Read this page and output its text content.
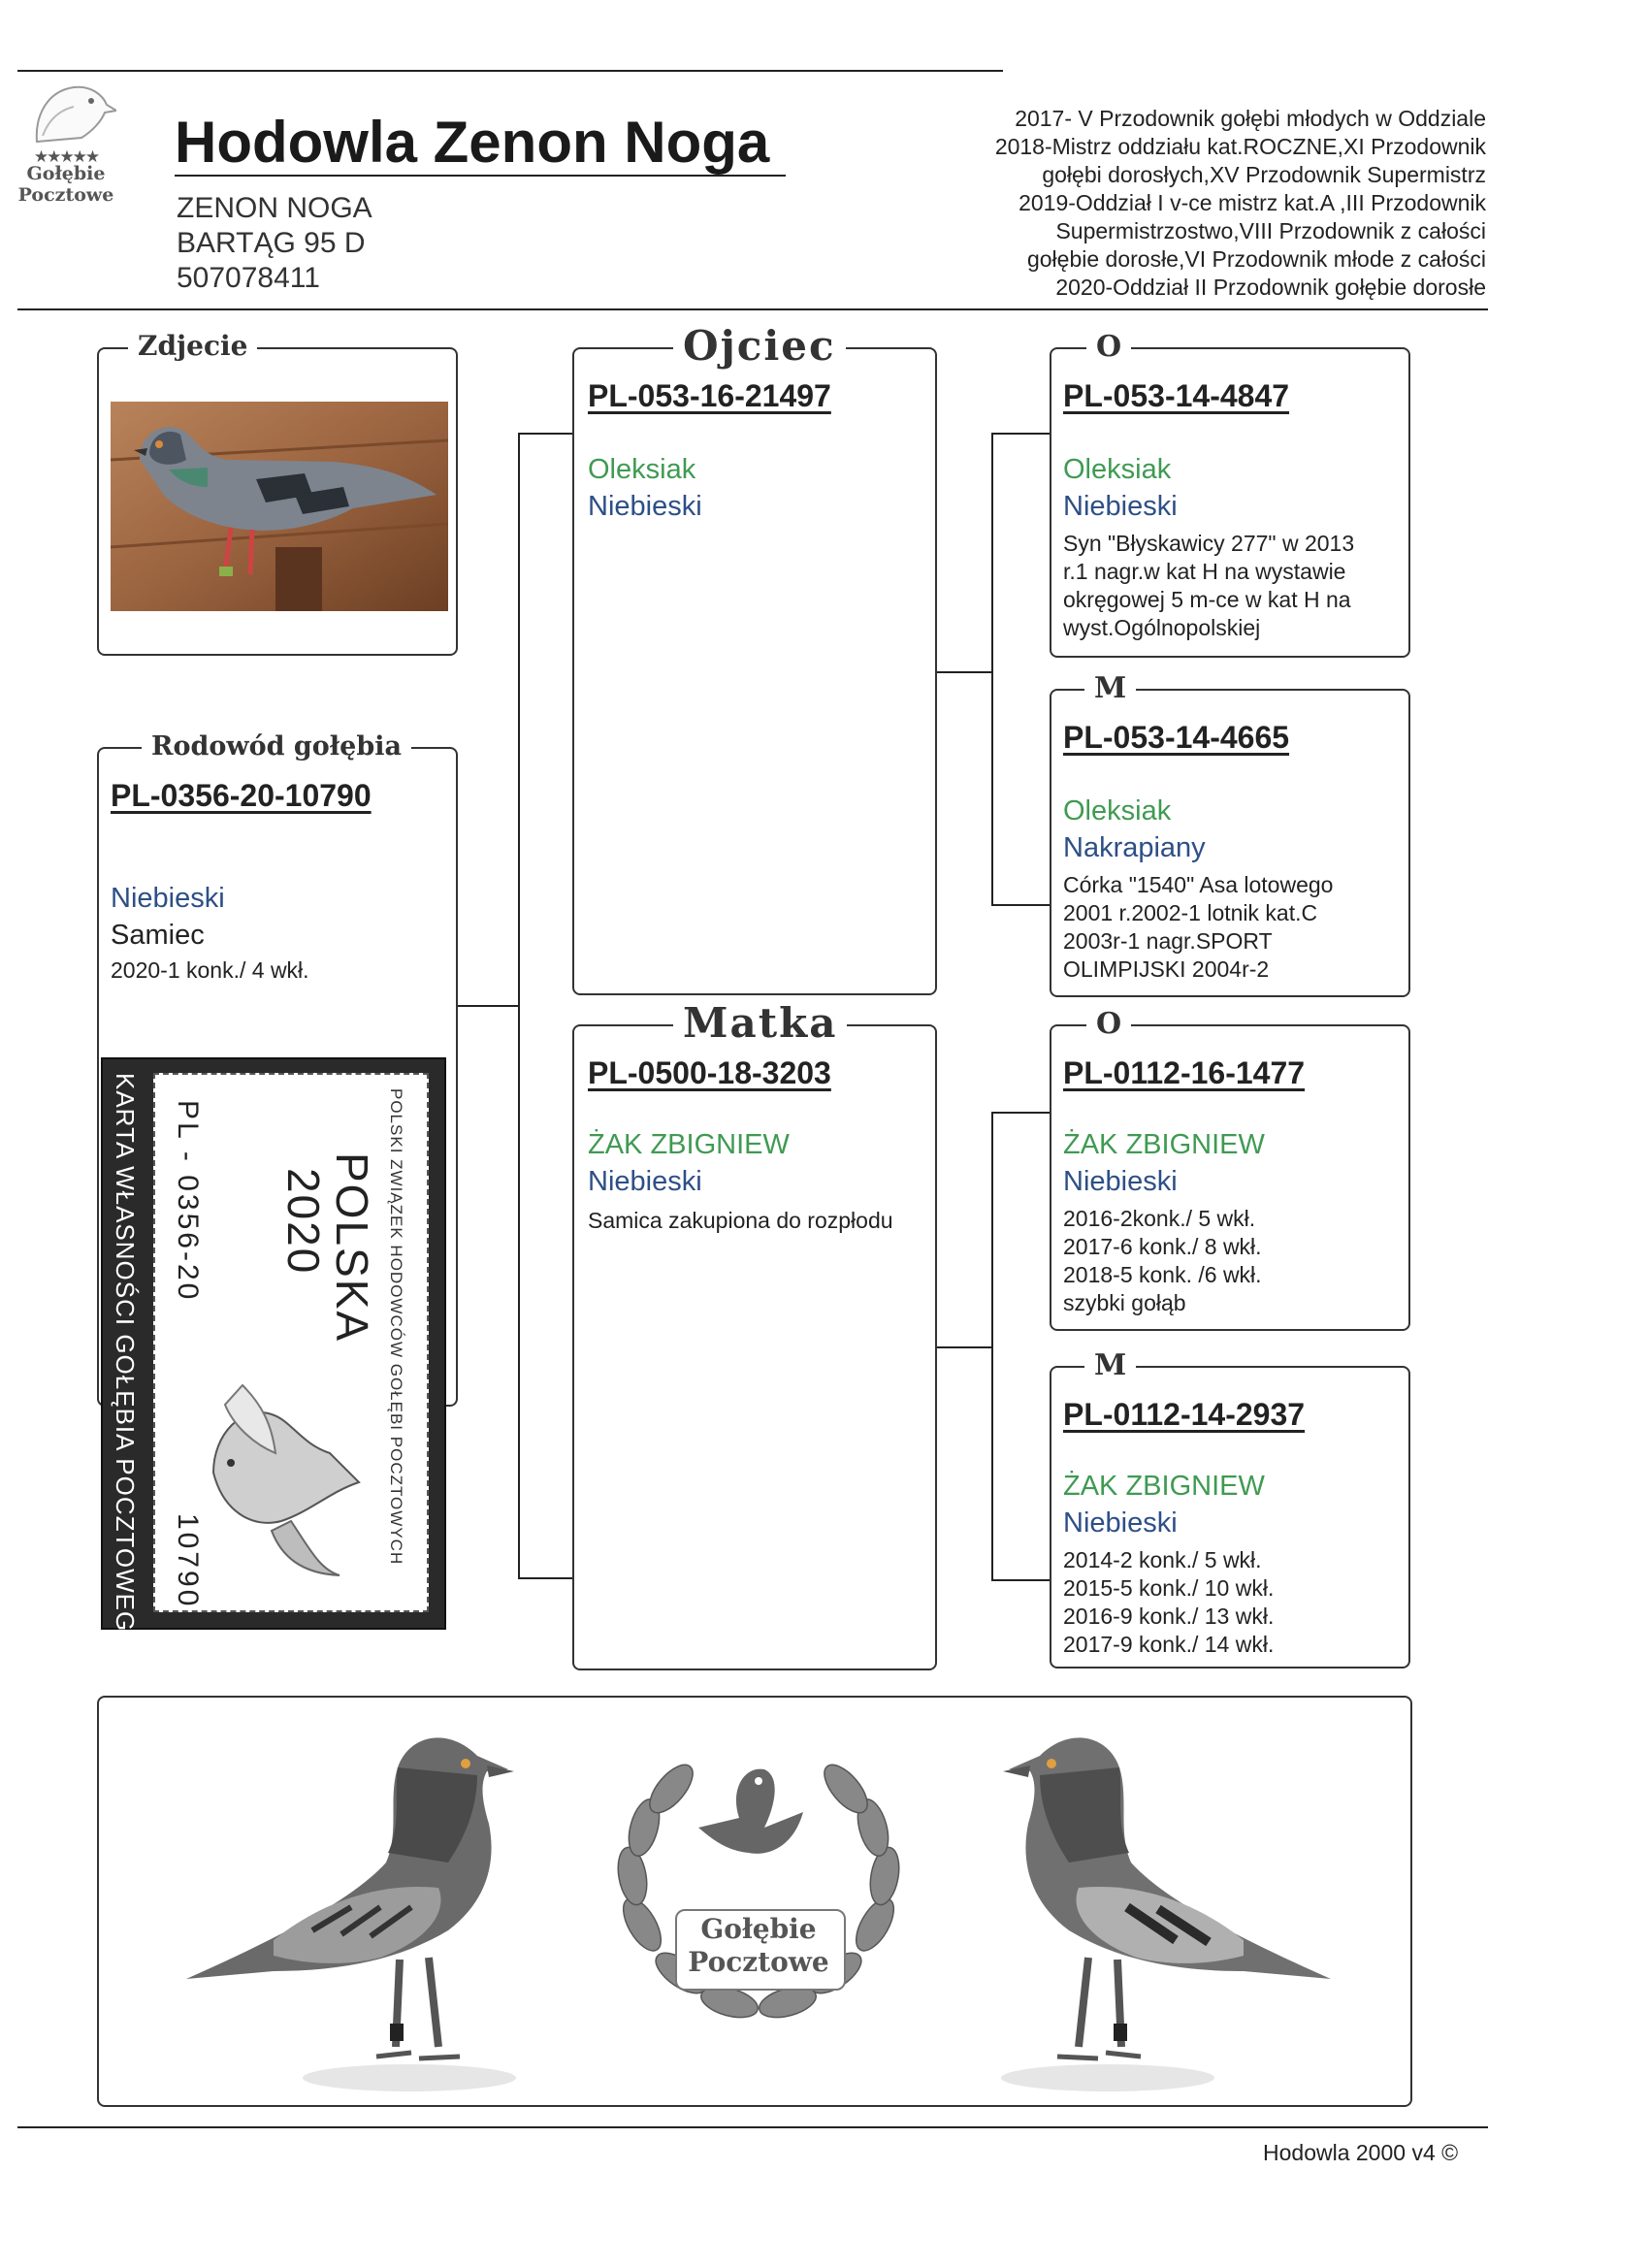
★★★★★
Gołębie
Pocztowe
Hodowla Zenon Noga
ZENON NOGA
BARTĄG 95 D
507078411
2017- V Przodownik gołębi młodych w Oddziale
2018-Mistrz oddziału kat.ROCZNE,XI Przodownik
gołębi dorosłych,XV Przodownik Supermistrz
2019-Oddział I v-ce mistrz kat.A ,III Przodownik
Supermistrzostwo,VIII Przodownik z całości
gołębie dorosłe,VI Przodownik młode z całości
2020-Oddział II Przodownik gołębie dorosłe
Zdjecie
Rodowód gołębia
PL-0356-20-10790
Niebieski
Samiec
2020-1 konk./ 4 wkł.
POLSKI ZWIĄZEK HODOWCÓW GOŁĘBI POCZTOWYCH
POLSKA
2020
PL - 0356-20
10790
KARTA WŁASNOŚCI GOŁĘBIA POCZTOWEGO
Ojciec
PL-053-16-21497
Oleksiak
Niebieski
Matka
PL-0500-18-3203
ŻAK ZBIGNIEW
Niebieski
Samica zakupiona do rozpłodu
O
PL-053-14-4847
Oleksiak
Niebieski
Syn "Błyskawicy 277" w 2013
r.1 nagr.w kat H na wystawie
okręgowej 5 m-ce w kat H na
wyst.Ogólnopolskiej
M
PL-053-14-4665
Oleksiak
Nakrapiany
Córka "1540" Asa lotowego
2001 r.2002-1 lotnik kat.C
2003r-1 nagr.SPORT
OLIMPIJSKI 2004r-2
O
PL-0112-16-1477
ŻAK ZBIGNIEW
Niebieski
2016-2konk./ 5 wkł.
2017-6 konk./ 8 wkł.
2018-5 konk. /6 wkł.
szybki gołąb
M
PL-0112-14-2937
ŻAK ZBIGNIEW
Niebieski
2014-2 konk./ 5 wkł.
2015-5 konk./ 10 wkł.
2016-9 konk./ 13 wkł.
2017-9 konk./ 14 wkł.
Gołębie
Pocztowe
Hodowla 2000 v4 ©
